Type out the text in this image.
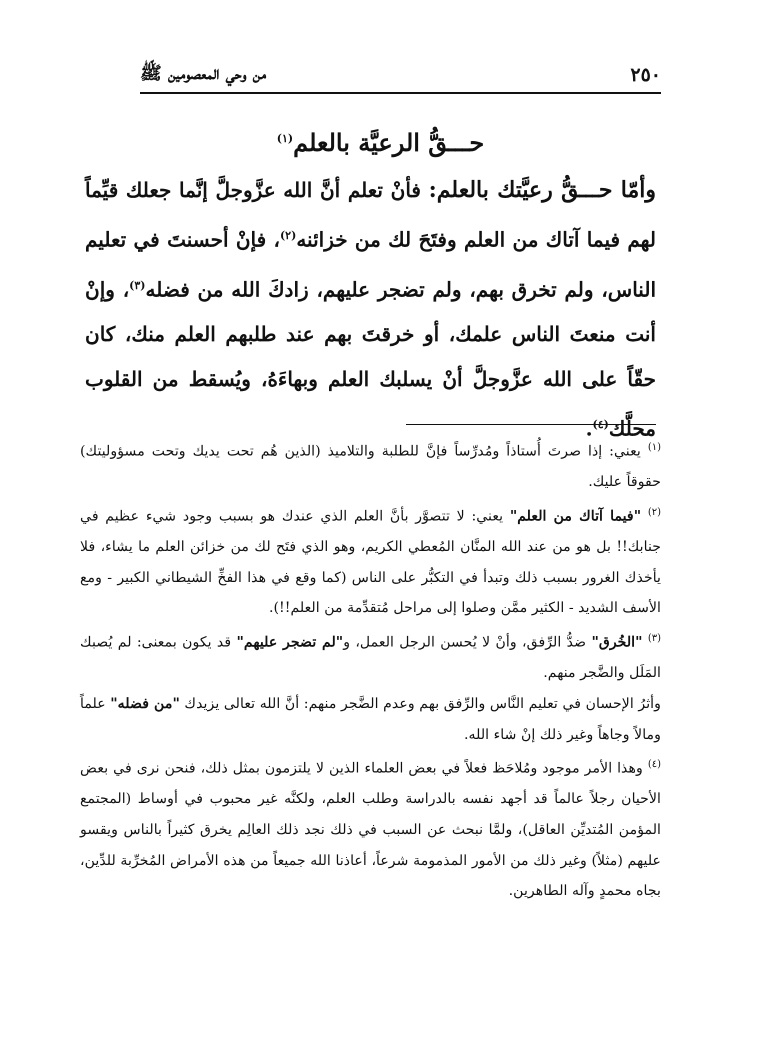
٢٥٠
من وحي المعصومين ﷺ
حـــقُّ الرعيَّة بالعلم$^{(١)}$
وأمّا حـــقُّ رعيَّتك بالعلم: فأنْ تعلم أنَّ الله عزَّوجلَّ إنَّما جعلك قيِّماً لهم فيما آتاك من العلم وفتَحَ لك من خزائنه$^{(٢)}$، فإنْ أحسنتَ في تعليم الناس، ولم تخرق بهم، ولم تضجر عليهم، زادكَ الله من فضله$^{(٣)}$، وإنْ أنت منعتَ الناس علمك، أو خرقتَ بهم عند طلبهم العلم منك، كان حقّاً على الله عزَّوجلَّ أنْ يسلبك العلم وبهاءَهُ، ويُسقط من القلوب محلَّك$^{(٤)}$.

$^{(١)}$ يعني: إذا صرتَ أُستاذاً ومُدرِّساً فإنَّ للطلبة والتلاميذ (الذين هُم تحت يديك وتحت مسؤوليتك) حقوقاً عليك.

$^{(٢)}$ "فيما آتاك من العلم" يعني: لا تتصوَّر بأنَّ العلم الذي عندك هو بسبب وجود شيء عظيم في جنابك!! بل هو من عند الله المنَّان المُعطي الكريم، وهو الذي فتَح لك من خزائن العلم ما يشاء، فلا يأخذك الغرور بسبب ذلك وتبدأ في التكبُّر على الناس (كما وقع في هذا الفخِّ الشيطاني الكبير - ومع الأسف الشديد - الكثير ممَّن وصلوا إلى مراحل مُتقدِّمة من العلم!!).

$^{(٣)}$ "الخُرق" ضدُّ الرِّفق، وأنْ لا يُحسن الرجل العمل، و"لم تضجر عليهم" قد يكون بمعنى: لم يُصبك المَلَل والضَّجر منهم.

وأثرُ الإحسان في تعليم النَّاس والرِّفق بهم وعدم الضَّجر منهم: أنَّ الله تعالى يزيدك "من فضله" علماً ومالاً وجاهاً وغير ذلك إنْ شاء الله.

$^{(٤)}$ وهذا الأمر موجود ومُلاحَظ فعلاً في بعض العلماء الذين لا يلتزمون بمثل ذلك، فنحن نرى في بعض الأحيان رجلاً عالماً قد أجهد نفسه بالدراسة وطلب العلم، ولكنَّه غير محبوب في أوساط (المجتمع المؤمن المُتديِّن العاقل)، ولمَّا نبحث عن السبب في ذلك نجد ذلك العالِم يخرق كثيراً بالناس ويقسو عليهم (مثلاً) وغير ذلك من الأمور المذمومة شرعاً، أعاذنا الله جميعاً من هذه الأمراض المُخرِّبة للدِّين، بجاه محمدٍ وآله الطاهرين.
